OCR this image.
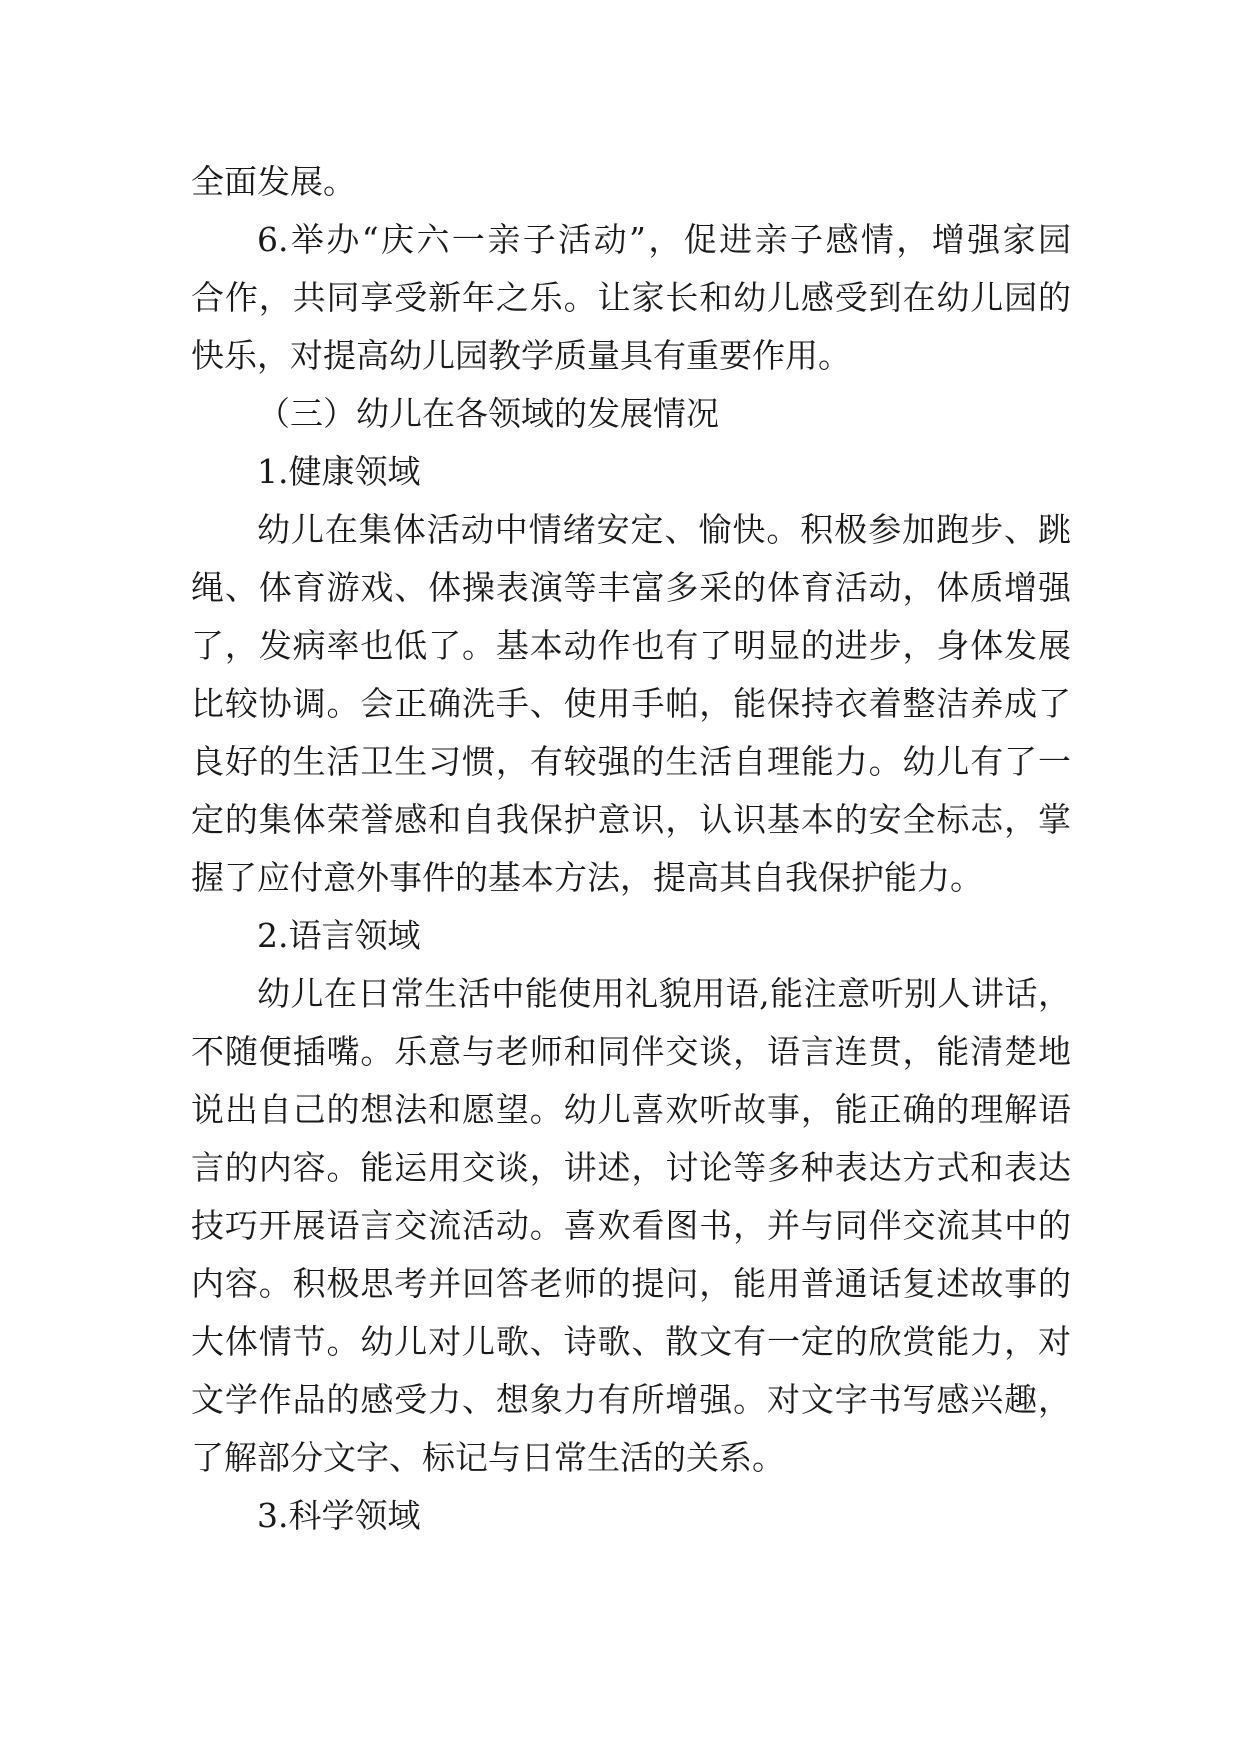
全面发展。

6.举办“庆六一亲子活动”，促进亲子感情，增强家园

合作，共同享受新年之乐。让家长和幼儿感受到在幼儿园的

快乐，对提高幼儿园教学质量具有重要作用。

（三）幼儿在各领域的发展情况

1.健康领域

幼儿在集体活动中情绪安定、愉快。积极参加跑步、跳

绳、体育游戏、体操表演等丰富多采的体育活动，体质增强

了，发病率也低了。基本动作也有了明显的进步，身体发展

比较协调。会正确洗手、使用手帕，能保持衣着整洁养成了

良好的生活卫生习惯，有较强的生活自理能力。幼儿有了一

定的集体荣誉感和自我保护意识，认识基本的安全标志，掌

握了应付意外事件的基本方法，提高其自我保护能力。

2.语言领域

幼儿在日常生活中能使用礼貌用语,能注意听别人讲话，

不随便插嘴。乐意与老师和同伴交谈，语言连贯，能清楚地

说出自己的想法和愿望。幼儿喜欢听故事，能正确的理解语

言的内容。能运用交谈，讲述，讨论等多种表达方式和表达

技巧开展语言交流活动。喜欢看图书，并与同伴交流其中的

内容。积极思考并回答老师的提问，能用普通话复述故事的

大体情节。幼儿对儿歌、诗歌、散文有一定的欣赏能力，对

文学作品的感受力、想象力有所增强。对文字书写感兴趣，

了解部分文字、标记与日常生活的关系。

3.科学领域
